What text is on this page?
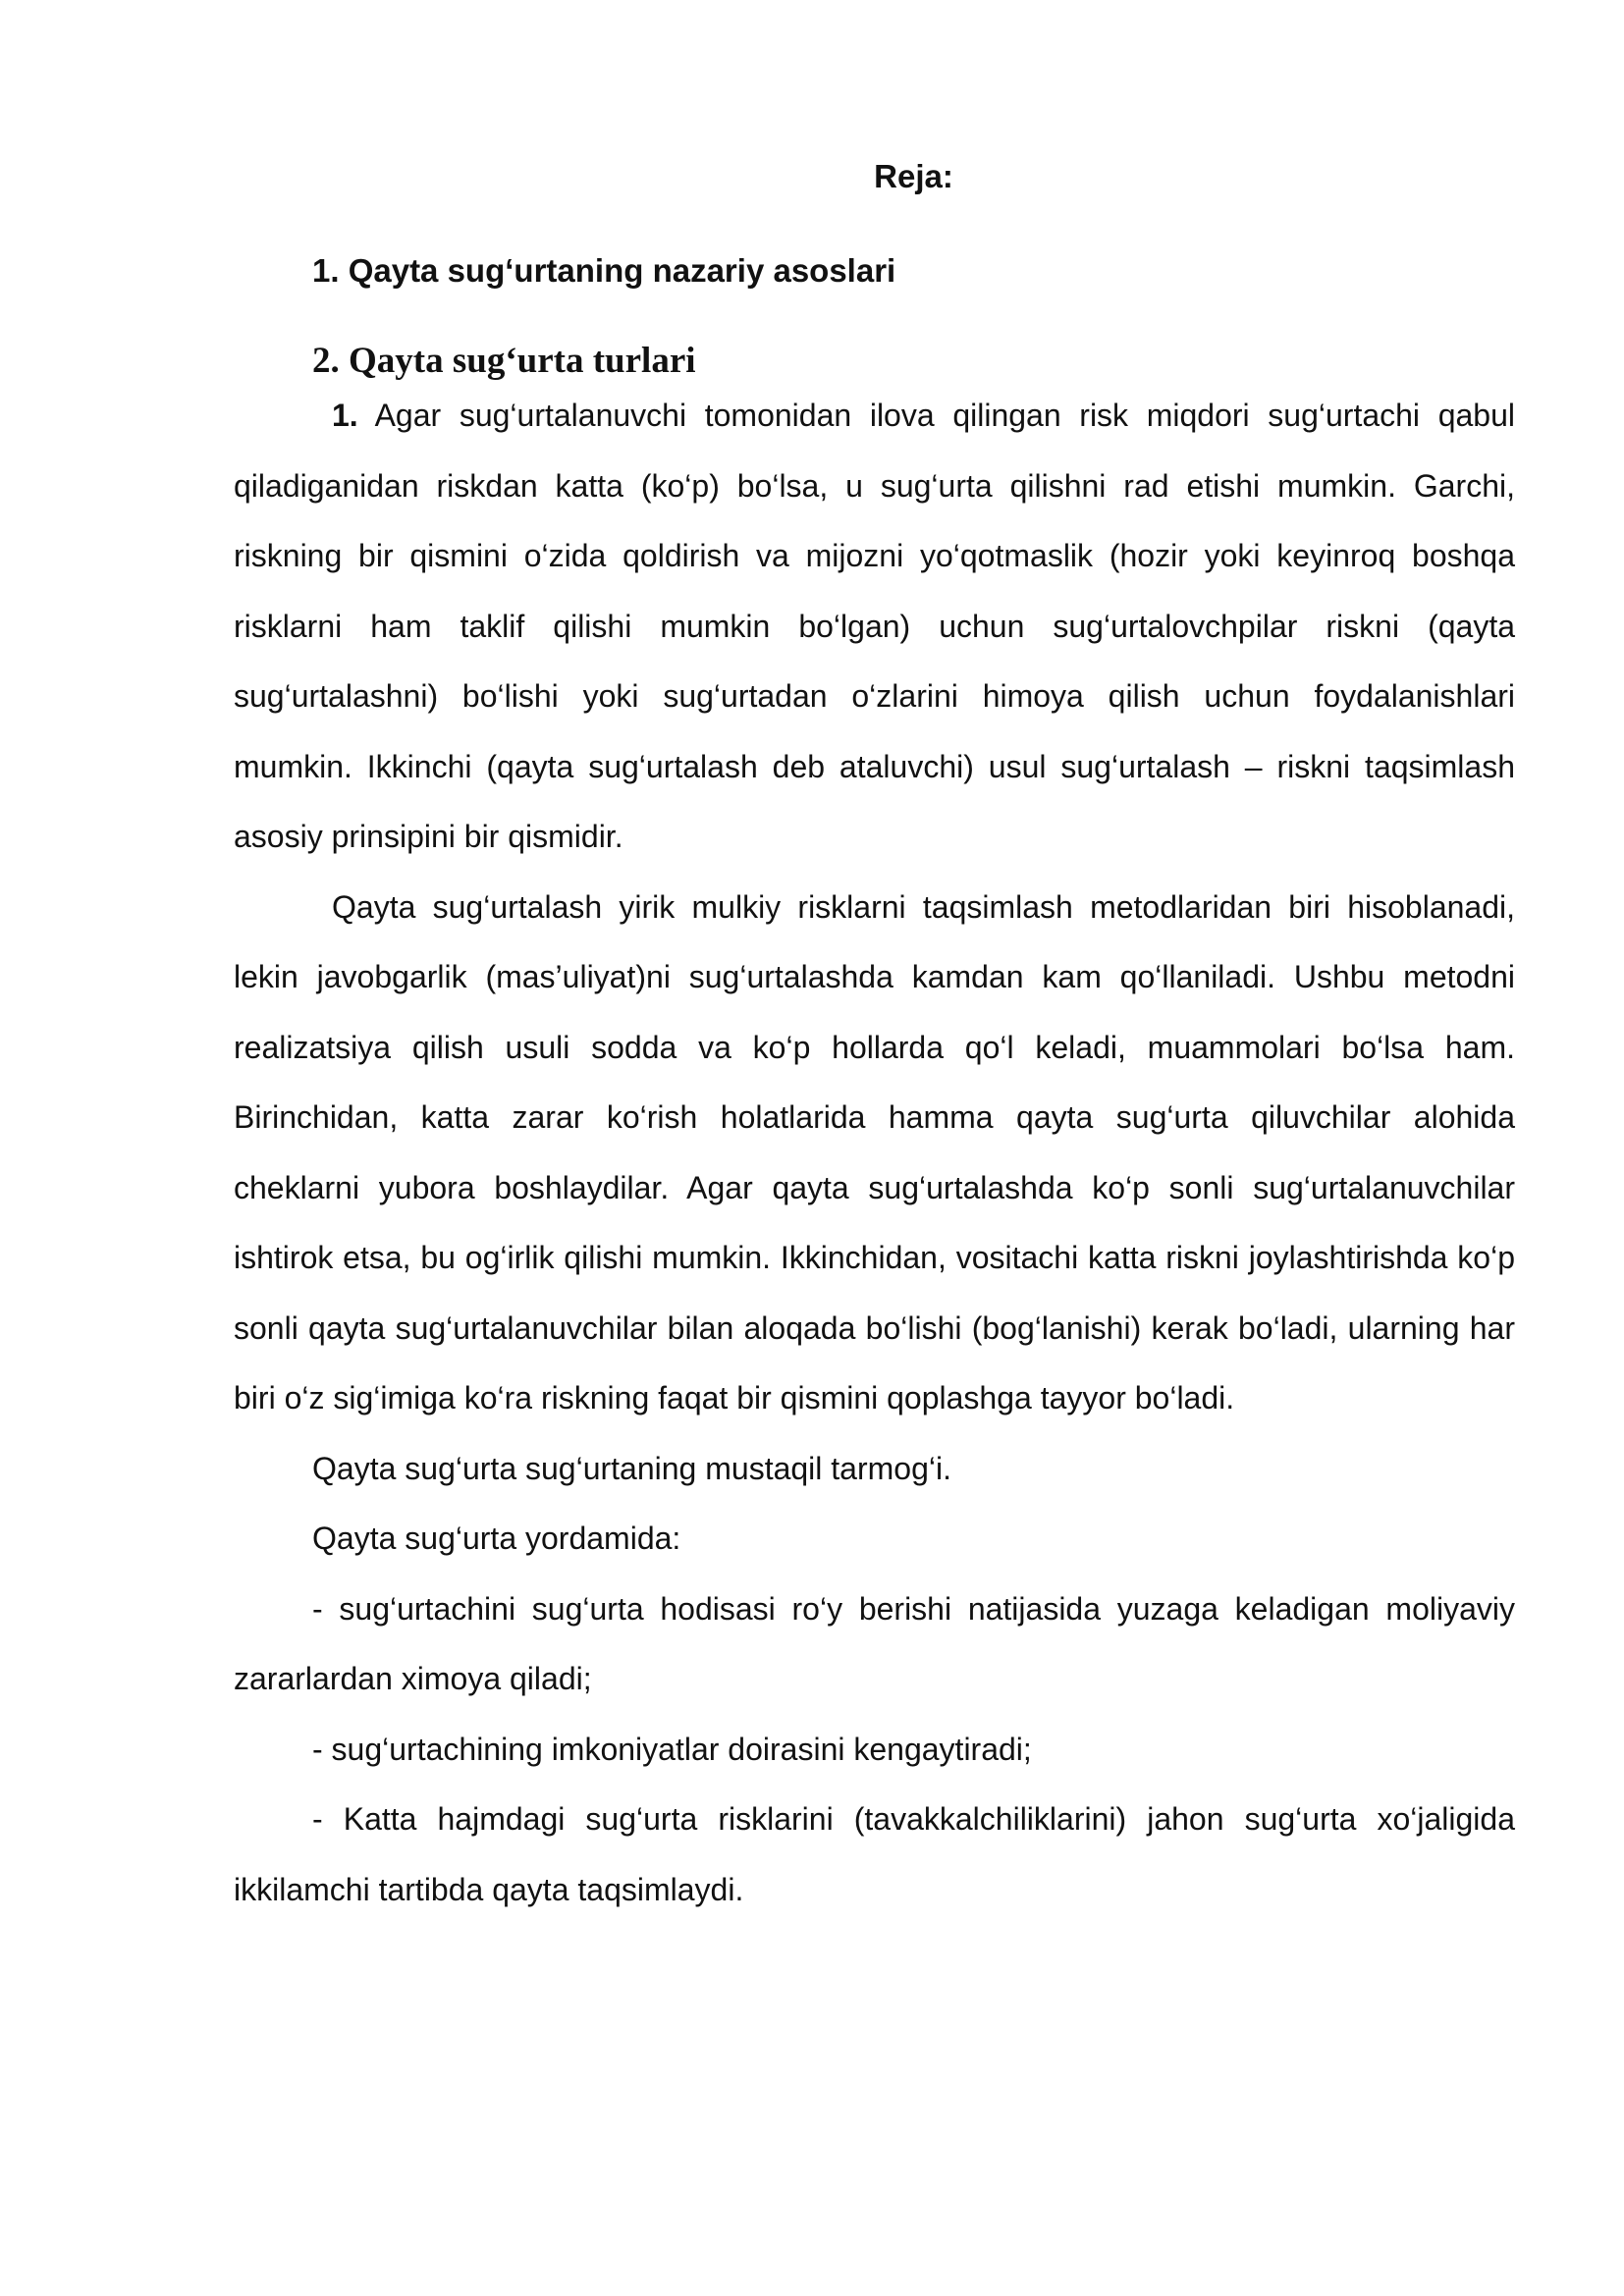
Reja:
1. Qayta sug‘urtaning nazariy asoslari
2. Qayta sug‘urta turlari

1. Agar sug‘urtalanuvchi tomonidan ilova qilingan risk miqdori sug‘urtachi qabul qiladiganidan riskdan katta (ko‘p) bo‘lsa, u sug‘urta qilishni rad etishi mumkin. Garchi, riskning bir qismini o‘zida qoldirish va mijozni yo‘qotmaslik (hozir yoki keyinroq boshqa risklarni ham taklif qilishi mumkin bo‘lgan) uchun sug‘urtalovchpilar riskni (qayta sug‘urtalashni) bo‘lishi yoki sug‘urtadan o‘zlarini himoya qilish uchun foydalanishlari mumkin. Ikkinchi (qayta sug‘urtalash deb ataluvchi) usul sug‘urtalash – riskni taqsimlash asosiy prinsipini bir qismidir.

Qayta sug‘urtalash yirik mulkiy risklarni taqsimlash metodlaridan biri hisoblanadi, lekin javobgarlik (mas’uliyat)ni sug‘urtalashda kamdan kam qo‘llaniladi. Ushbu metodni realizatsiya qilish usuli sodda va ko‘p hollarda qo‘l keladi, muammolari bo‘lsa ham. Birinchidan, katta zarar ko‘rish holatlarida hamma qayta sug‘urta qiluvchilar alohida cheklarni yubora boshlaydilar. Agar qayta sug‘urtalashda ko‘p sonli sug‘urtalanuvchilar ishtirok etsa, bu og‘irlik qilishi mumkin. Ikkinchidan, vositachi katta riskni joylashtirishda ko‘p sonli qayta sug‘urtalanuvchilar bilan aloqada bo‘lishi (bog‘lanishi) kerak bo‘ladi, ularning har biri o‘z sig‘imiga ko‘ra riskning faqat bir qismini qoplashga tayyor bo‘ladi.

Qayta sug‘urta sug‘urtaning mustaqil tarmog‘i.

Qayta sug‘urta yordamida:

- sug‘urtachini sug‘urta hodisasi ro‘y berishi natijasida yuzaga keladigan moliyaviy zararlardan ximoya qiladi;

- sug‘urtachining imkoniyatlar doirasini kengaytiradi;

- Katta hajmdagi sug‘urta risklarini (tavakkalchiliklarini) jahon sug‘urta xo‘jaligida ikkilamchi tartibda qayta taqsimlaydi.
